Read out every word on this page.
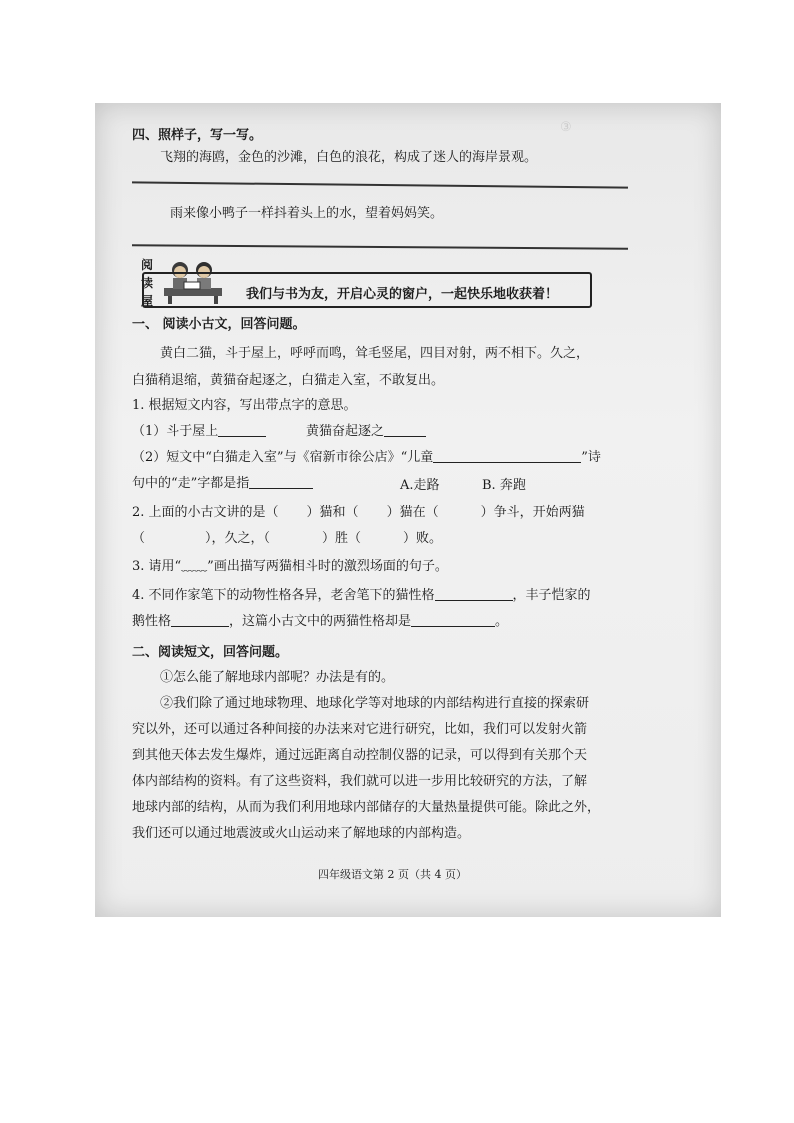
③
四、照样子，写一写。
飞翔的海鸥，金色的沙滩，白色的浪花，构成了迷人的海岸景观。
雨来像小鸭子一样抖着头上的水，望着妈妈笑。
阅读屋	我们与书为友，开启心灵的窗户，一起快乐地收获着！
一、 阅读小古文，回答问题。
黄白二猫，斗于屋上，呼呼而鸣，耸毛竖尾，四目对射，两不相下。久之，
白猫稍退缩，黄猫奋起逐之，白猫走入室，不敢复出。
1. 根据短文内容，写出带点字的意思。
（1）斗于屋上	黄猫奋起逐之
（2）短文中“白猫走入室”与《宿新市徐公店》“儿童	”诗
句中的“走”字都是指	A.走路	B. 奔跑
2. 上面的小古文讲的是（ ）猫和（ ）猫在（	）争斗，开始两猫
（	），久之，（	）胜（	）败。
3. 请用“﹏﹏”画出描写两猫相斗时的激烈场面的句子。
4. 不同作家笔下的动物性格各异，老舍笔下的猫性格	，丰子恺家的
鹅性格	，这篇小古文中的两猫性格却是	。
二、阅读短文，回答问题。
①怎么能了解地球内部呢？办法是有的。
②我们除了通过地球物理、地球化学等对地球的内部结构进行直接的探索研
究以外，还可以通过各种间接的办法来对它进行研究，比如，我们可以发射火箭
到其他天体去发生爆炸，通过远距离自动控制仪器的记录，可以得到有关那个天
体内部结构的资料。有了这些资料，我们就可以进一步用比较研究的方法，了解
地球内部的结构，从而为我们利用地球内部储存的大量热量提供可能。除此之外，
我们还可以通过地震波或火山运动来了解地球的内部构造。
四年级语文第 2 页（共 4 页）
